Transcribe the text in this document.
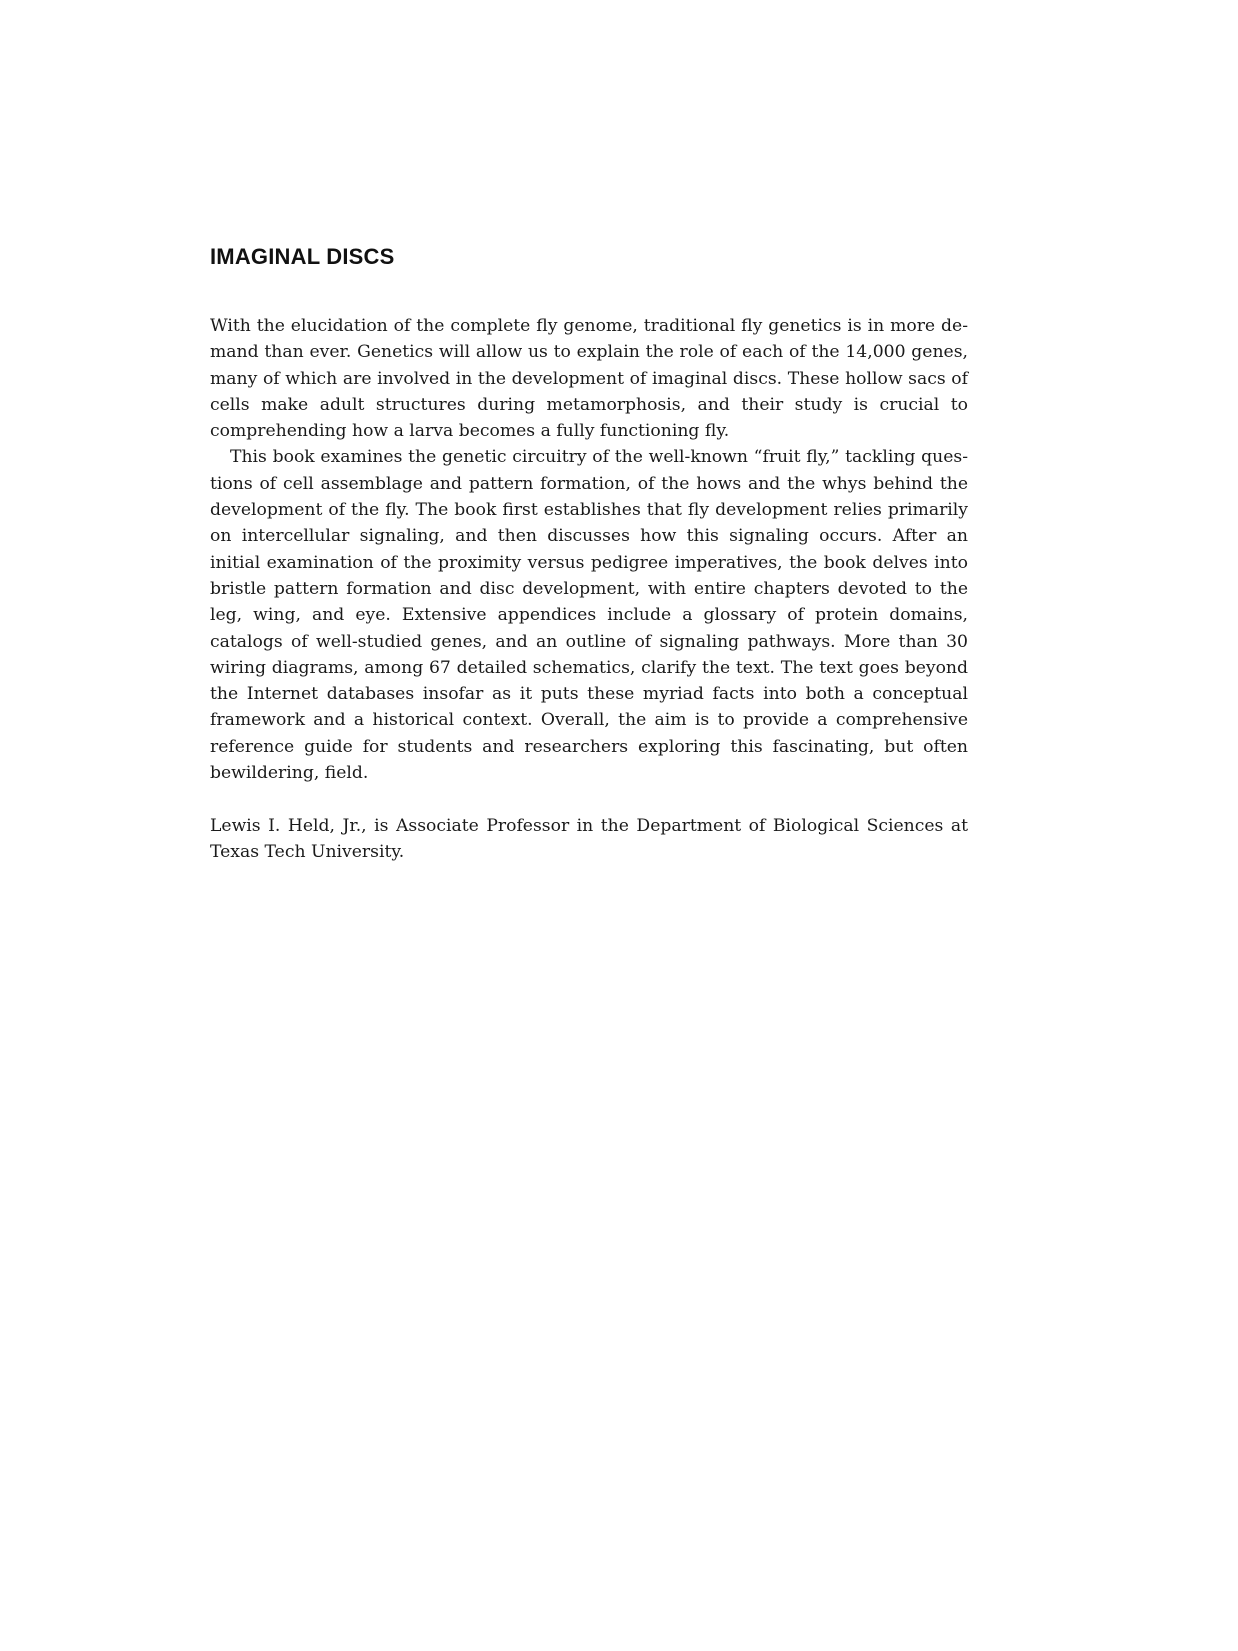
IMAGINAL DISCS

With the elucidation of the complete fly genome, traditional fly genetics is in more demand than ever. Genetics will allow us to explain the role of each of the 14,000 genes, many of which are involved in the development of imaginal discs. These hollow sacs of cells make adult structures during metamorphosis, and their study is crucial to comprehending how a larva becomes a fully functioning fly.

This book examines the genetic circuitry of the well-known “fruit fly,” tackling questions of cell assemblage and pattern formation, of the hows and the whys behind the development of the fly. The book first establishes that fly development relies primarily on intercellular signaling, and then discusses how this signaling occurs. After an initial examination of the proximity versus pedigree imperatives, the book delves into bristle pattern formation and disc development, with entire chapters devoted to the leg, wing, and eye. Extensive appendices include a glossary of protein domains, catalogs of well-studied genes, and an outline of signaling pathways. More than 30 wiring diagrams, among 67 detailed schematics, clarify the text. The text goes beyond the Internet databases insofar as it puts these myriad facts into both a conceptual framework and a historical context. Overall, the aim is to provide a comprehensive reference guide for students and researchers exploring this fascinating, but often bewildering, field.

Lewis I. Held, Jr., is Associate Professor in the Department of Biological Sciences at Texas Tech University.
